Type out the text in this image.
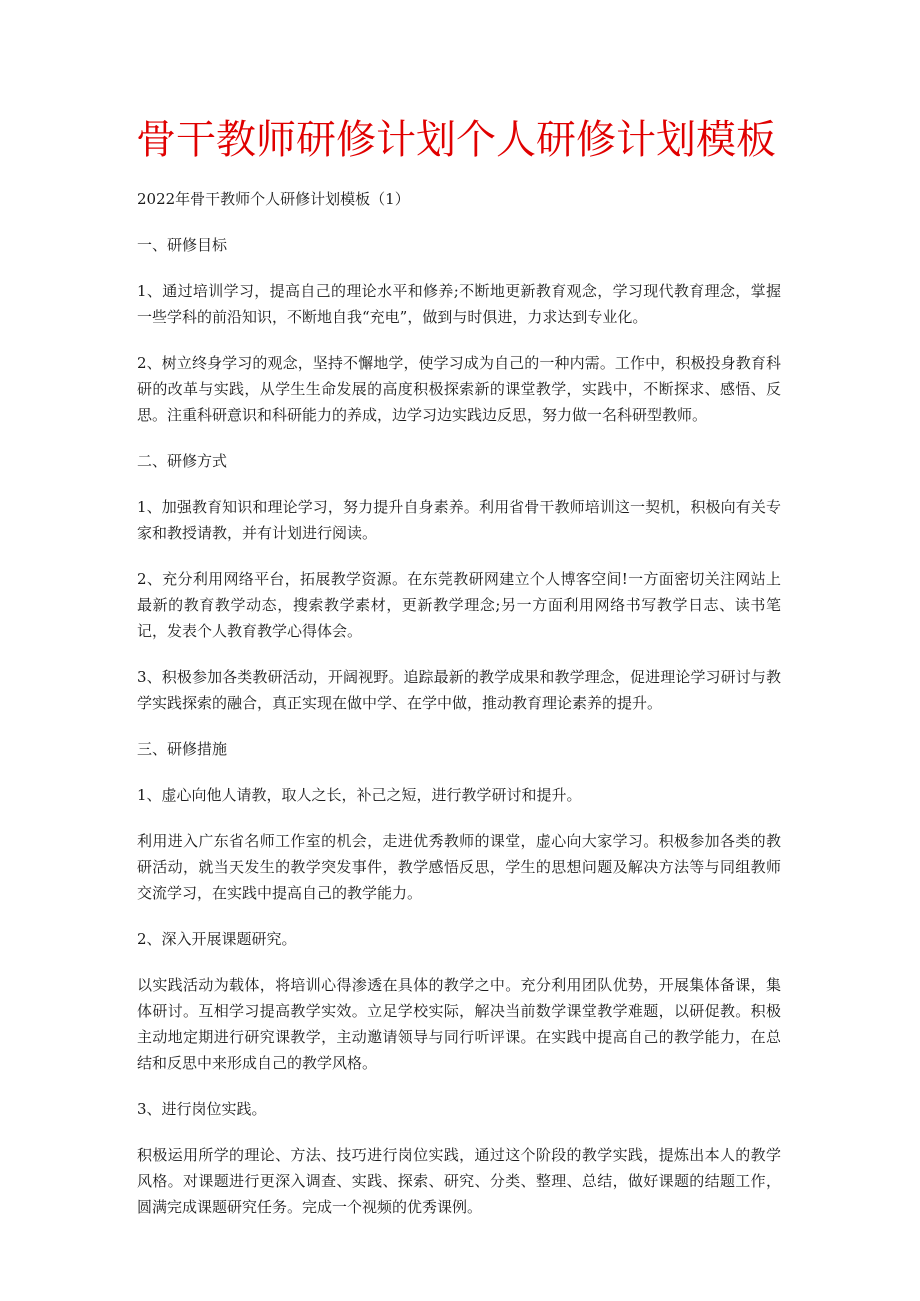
骨干教师研修计划个人研修计划模板

2022年骨干教师个人研修计划模板（1）

一、研修目标

1、通过培训学习，提高自己的理论水平和修养;不断地更新教育观念，学习现代教育理念，掌握一些学科的前沿知识，不断地自我“充电”，做到与时俱进，力求达到专业化。

2、树立终身学习的观念，坚持不懈地学，使学习成为自己的一种内需。工作中，积极投身教育科研的改革与实践，从学生生命发展的高度积极探索新的课堂教学，实践中，不断探求、感悟、反思。注重科研意识和科研能力的养成，边学习边实践边反思，努力做一名科研型教师。

二、研修方式

1、加强教育知识和理论学习，努力提升自身素养。利用省骨干教师培训这一契机，积极向有关专家和教授请教，并有计划进行阅读。

2、充分利用网络平台，拓展教学资源。在东莞教研网建立个人博客空间!一方面密切关注网站上最新的教育教学动态，搜索教学素材，更新教学理念;另一方面利用网络书写教学日志、读书笔记，发表个人教育教学心得体会。

3、积极参加各类教研活动，开阔视野。追踪最新的教学成果和教学理念，促进理论学习研讨与教学实践探索的融合，真正实现在做中学、在学中做，推动教育理论素养的提升。

三、研修措施

1、虚心向他人请教，取人之长，补己之短，进行教学研讨和提升。

利用进入广东省名师工作室的机会，走进优秀教师的课堂，虚心向大家学习。积极参加各类的教研活动，就当天发生的教学突发事件，教学感悟反思，学生的思想问题及解决方法等与同组教师交流学习，在实践中提高自己的教学能力。

2、深入开展课题研究。

以实践活动为载体，将培训心得渗透在具体的教学之中。充分利用团队优势，开展集体备课，集体研讨。互相学习提高教学实效。立足学校实际，解决当前数学课堂教学难题，以研促教。积极主动地定期进行研究课教学，主动邀请领导与同行听评课。在实践中提高自己的教学能力，在总结和反思中来形成自己的教学风格。

3、进行岗位实践。

积极运用所学的理论、方法、技巧进行岗位实践，通过这个阶段的教学实践，提炼出本人的教学风格。对课题进行更深入调查、实践、探索、研究、分类、整理、总结，做好课题的结题工作，圆满完成课题研究任务。完成一个视频的优秀课例。
